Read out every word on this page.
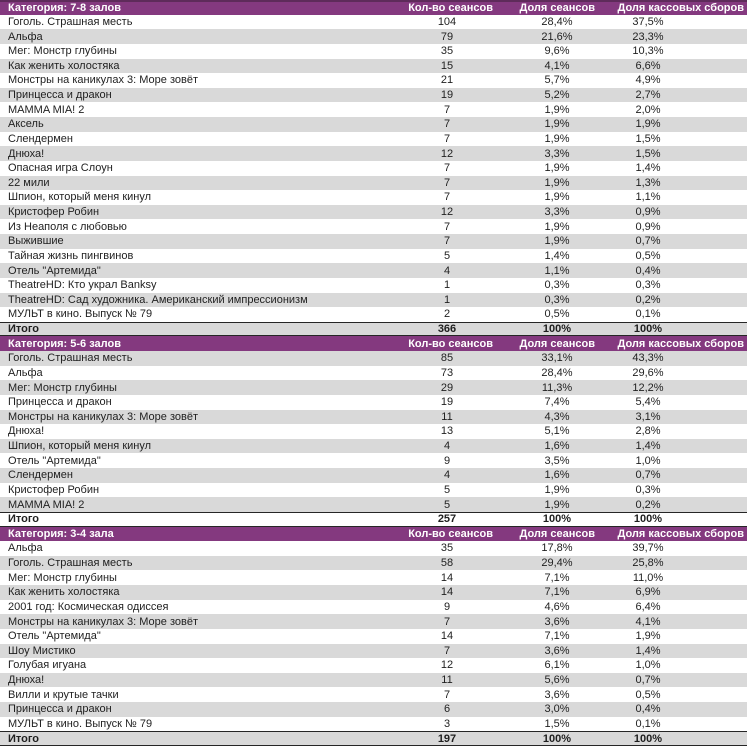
Категория: 7-8 залов	Кол-во сеансов	Доля сеансов	Доля кассовых сборов
Гоголь. Страшная месть	104	28,4%	37,5%
Альфа	79	21,6%	23,3%
Мег: Монстр глубины	35	9,6%	10,3%
Как женить холостяка	15	4,1%	6,6%
Монстры на каникулах 3: Море зовёт	21	5,7%	4,9%
Принцесса и дракон	19	5,2%	2,7%
MAMMA MIA! 2	7	1,9%	2,0%
Аксель	7	1,9%	1,9%
Слендермен	7	1,9%	1,5%
Днюха!	12	3,3%	1,5%
Опасная игра Слоун	7	1,9%	1,4%
22 мили	7	1,9%	1,3%
Шпион, который меня кинул	7	1,9%	1,1%
Кристофер Робин	12	3,3%	0,9%
Из Неаполя с любовью	7	1,9%	0,9%
Выжившие	7	1,9%	0,7%
Тайная жизнь пингвинов	5	1,4%	0,5%
Отель "Артемида"	4	1,1%	0,4%
TheatreHD: Кто украл Banksy	1	0,3%	0,3%
TheatreHD: Сад художника. Американский импрессионизм	1	0,3%	0,2%
МУЛЬТ в кино. Выпуск № 79	2	0,5%	0,1%
Итого	366	100%	100%
Категория: 5-6 залов	Кол-во сеансов	Доля сеансов	Доля кассовых сборов
Гоголь. Страшная месть	85	33,1%	43,3%
Альфа	73	28,4%	29,6%
Мег: Монстр глубины	29	11,3%	12,2%
Принцесса и дракон	19	7,4%	5,4%
Монстры на каникулах 3: Море зовёт	11	4,3%	3,1%
Днюха!	13	5,1%	2,8%
Шпион, который меня кинул	4	1,6%	1,4%
Отель "Артемида"	9	3,5%	1,0%
Слендермен	4	1,6%	0,7%
Кристофер Робин	5	1,9%	0,3%
MAMMA MIA! 2	5	1,9%	0,2%
Итого	257	100%	100%
Категория: 3-4 зала	Кол-во сеансов	Доля сеансов	Доля кассовых сборов
Альфа	35	17,8%	39,7%
Гоголь. Страшная месть	58	29,4%	25,8%
Мег: Монстр глубины	14	7,1%	11,0%
Как женить холостяка	14	7,1%	6,9%
2001 год: Космическая одиссея	9	4,6%	6,4%
Монстры на каникулах 3: Море зовёт	7	3,6%	4,1%
Отель "Артемида"	14	7,1%	1,9%
Шоу Мистико	7	3,6%	1,4%
Голубая игуана	12	6,1%	1,0%
Днюха!	11	5,6%	0,7%
Вилли и крутые тачки	7	3,6%	0,5%
Принцесса и дракон	6	3,0%	0,4%
МУЛЬТ в кино. Выпуск № 79	3	1,5%	0,1%
Итого	197	100%	100%
